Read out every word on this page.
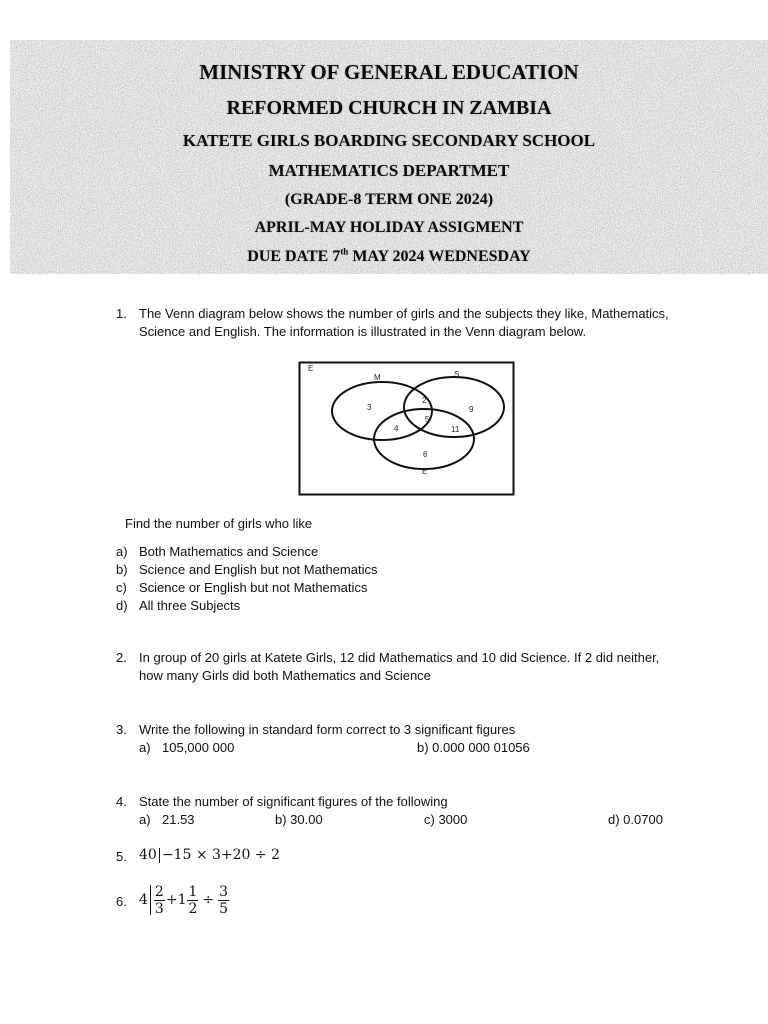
MINISTRY OF GENERAL EDUCATION
REFORMED CHURCH IN ZAMBIA
KATETE GIRLS BOARDING SECONDARY SCHOOL
MATHEMATICS DEPARTMET
(GRADE-8 TERM ONE 2024)
APRIL-MAY HOLIDAY ASSIGMENT
DUE DATE 7th MAY 2024 WEDNESDAY
1. The Venn diagram below shows the number of girls and the subjects they like, Mathematics,
Science and English. The information is illustrated in the Venn diagram below.
E
M	S
E
3
2
9
4
5
11
6
Find the number of girls who like
a) Both Mathematics and Science
b) Science and English but not Mathematics
c) Science or English but not Mathematics
d) All three Subjects
2. In group of 20 girls at Katete Girls, 12 did Mathematics and 10 did Science. If 2 did neither,
how many Girls did both Mathematics and Science
3. Write the following in standard form correct to 3 significant figures
a) 105,000 000	b) 0.000 000 01056
4. State the number of significant figures of the following
a) 21.53	b) 30.00	c) 3000	d) 0.0700
5. 40 −15 × 3+20 ÷ 2
6. $4 \frac{2}{3} +1 \frac{1}{2} \div \frac{3}{5}$
